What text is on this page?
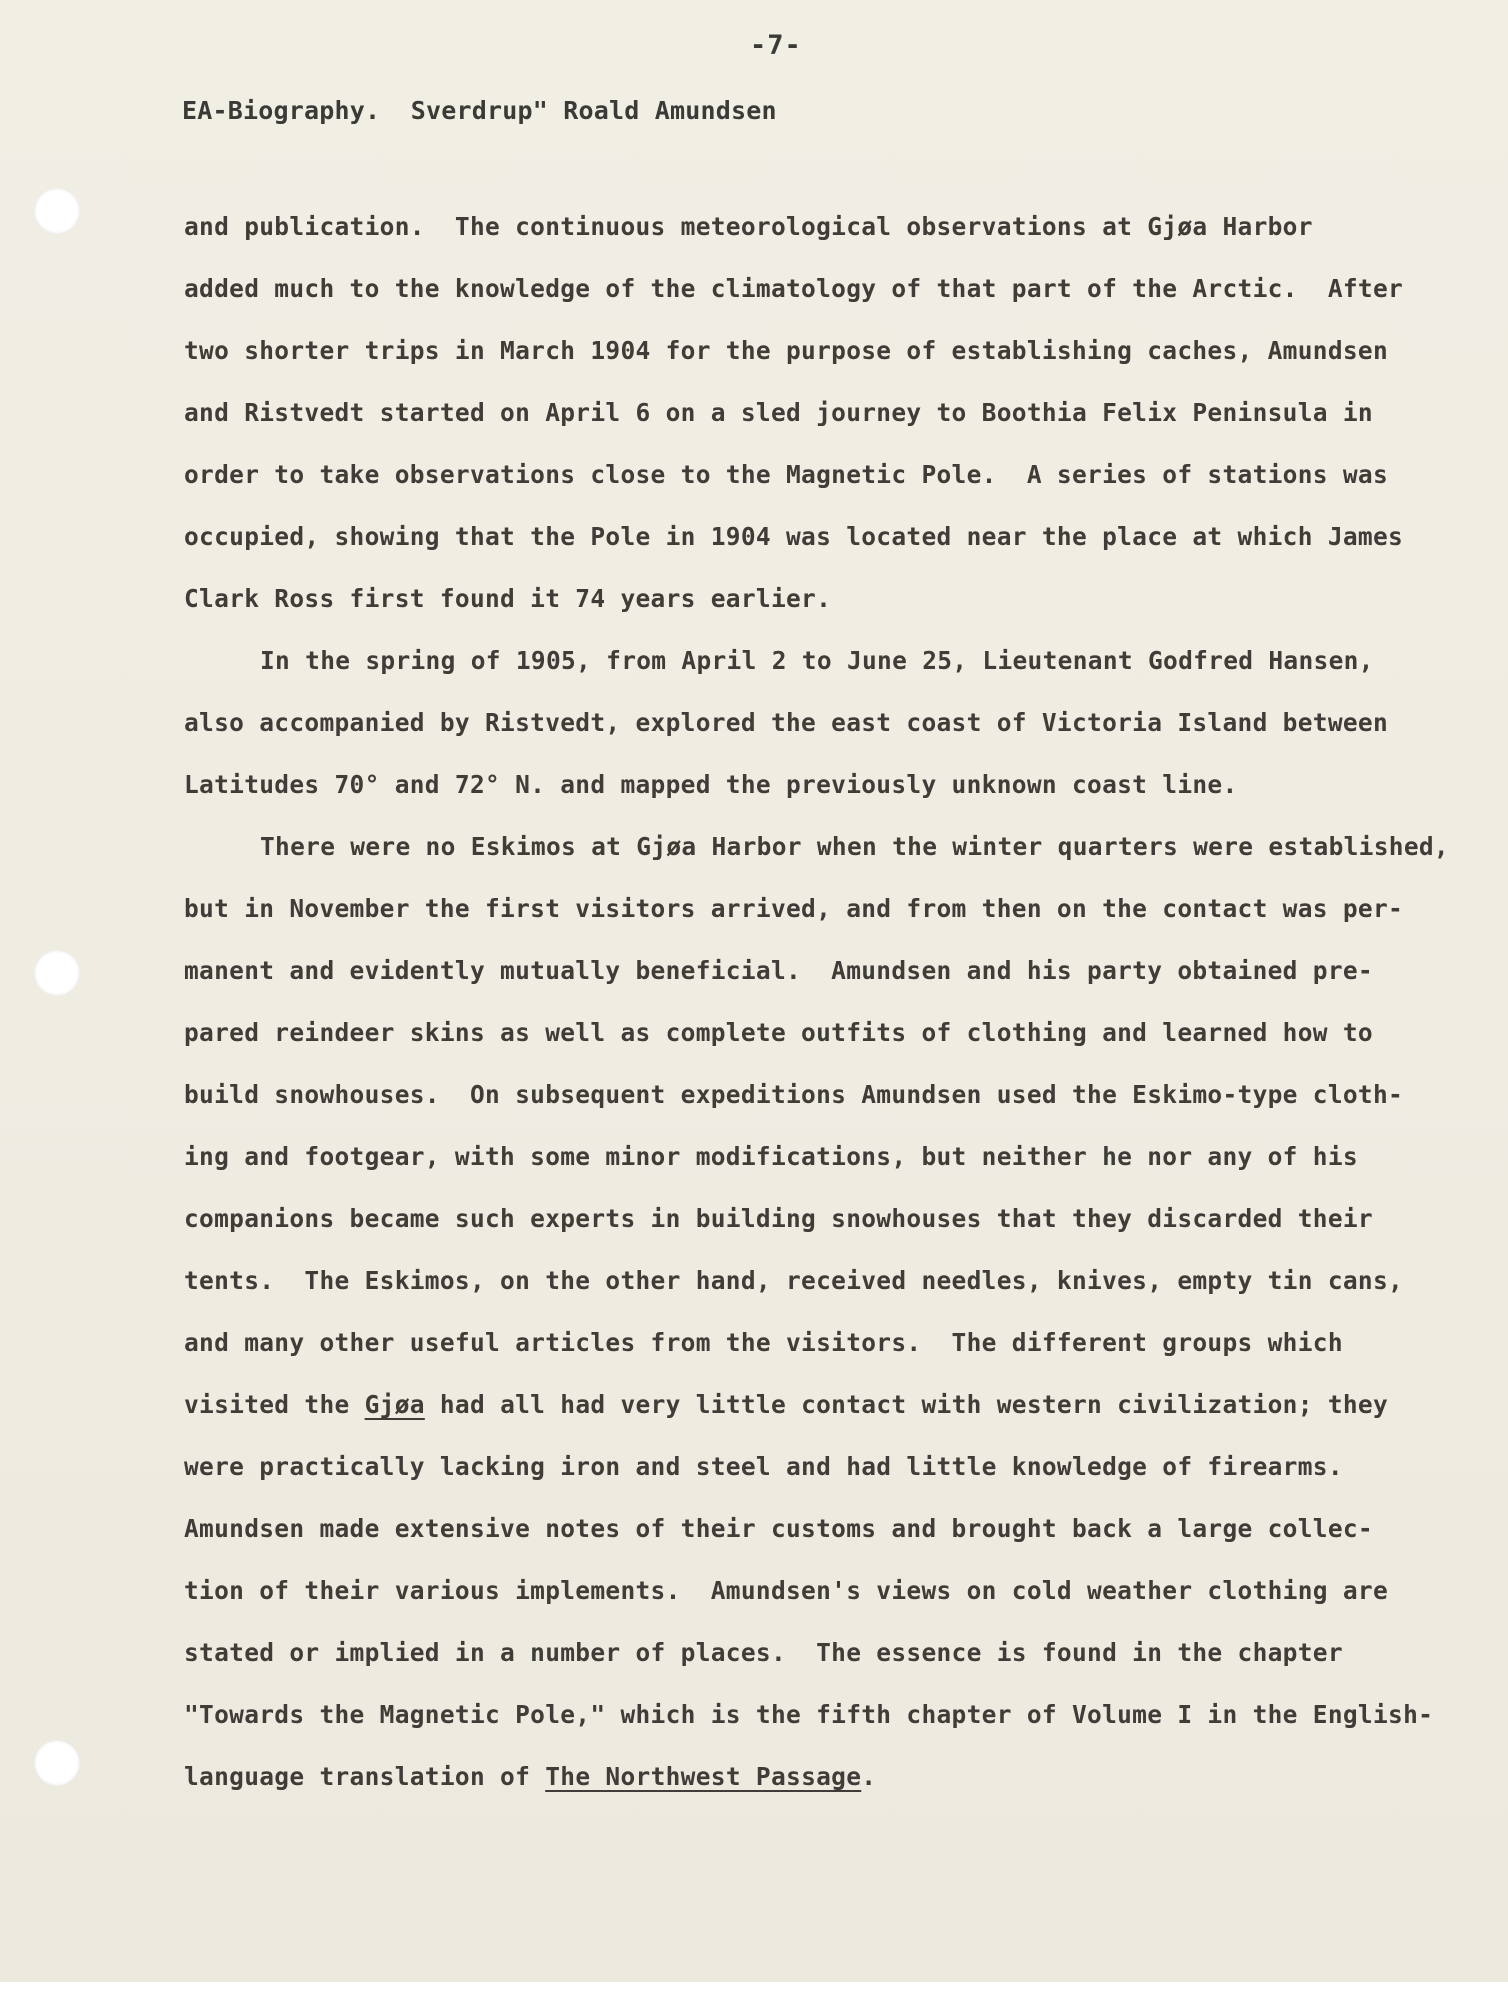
-7-
EA-Biography.  Sverdrup" Roald Amundsen
and publication.  The continuous meteorological observations at Gjøa Harbor
added much to the knowledge of the climatology of that part of the Arctic.  After
two shorter trips in March 1904 for the purpose of establishing caches, Amundsen
and Ristvedt started on April 6 on a sled journey to Boothia Felix Peninsula in
order to take observations close to the Magnetic Pole.  A series of stations was
occupied, showing that the Pole in 1904 was located near the place at which James
Clark Ross first found it 74 years earlier.
In the spring of 1905, from April 2 to June 25, Lieutenant Godfred Hansen,
also accompanied by Ristvedt, explored the east coast of Victoria Island between
Latitudes 70° and 72° N. and mapped the previously unknown coast line.
There were no Eskimos at Gjøa Harbor when the winter quarters were established,
but in November the first visitors arrived, and from then on the contact was per-
manent and evidently mutually beneficial.  Amundsen and his party obtained pre-
pared reindeer skins as well as complete outfits of clothing and learned how to
build snowhouses.  On subsequent expeditions Amundsen used the Eskimo-type cloth-
ing and footgear, with some minor modifications, but neither he nor any of his
companions became such experts in building snowhouses that they discarded their
tents.  The Eskimos, on the other hand, received needles, knives, empty tin cans,
and many other useful articles from the visitors.  The different groups which
visited the Gjøa had all had very little contact with western civilization; they
were practically lacking iron and steel and had little knowledge of firearms.
Amundsen made extensive notes of their customs and brought back a large collec-
tion of their various implements.  Amundsen's views on cold weather clothing are
stated or implied in a number of places.  The essence is found in the chapter
"Towards the Magnetic Pole," which is the fifth chapter of Volume I in the English-
language translation of The Northwest Passage.
